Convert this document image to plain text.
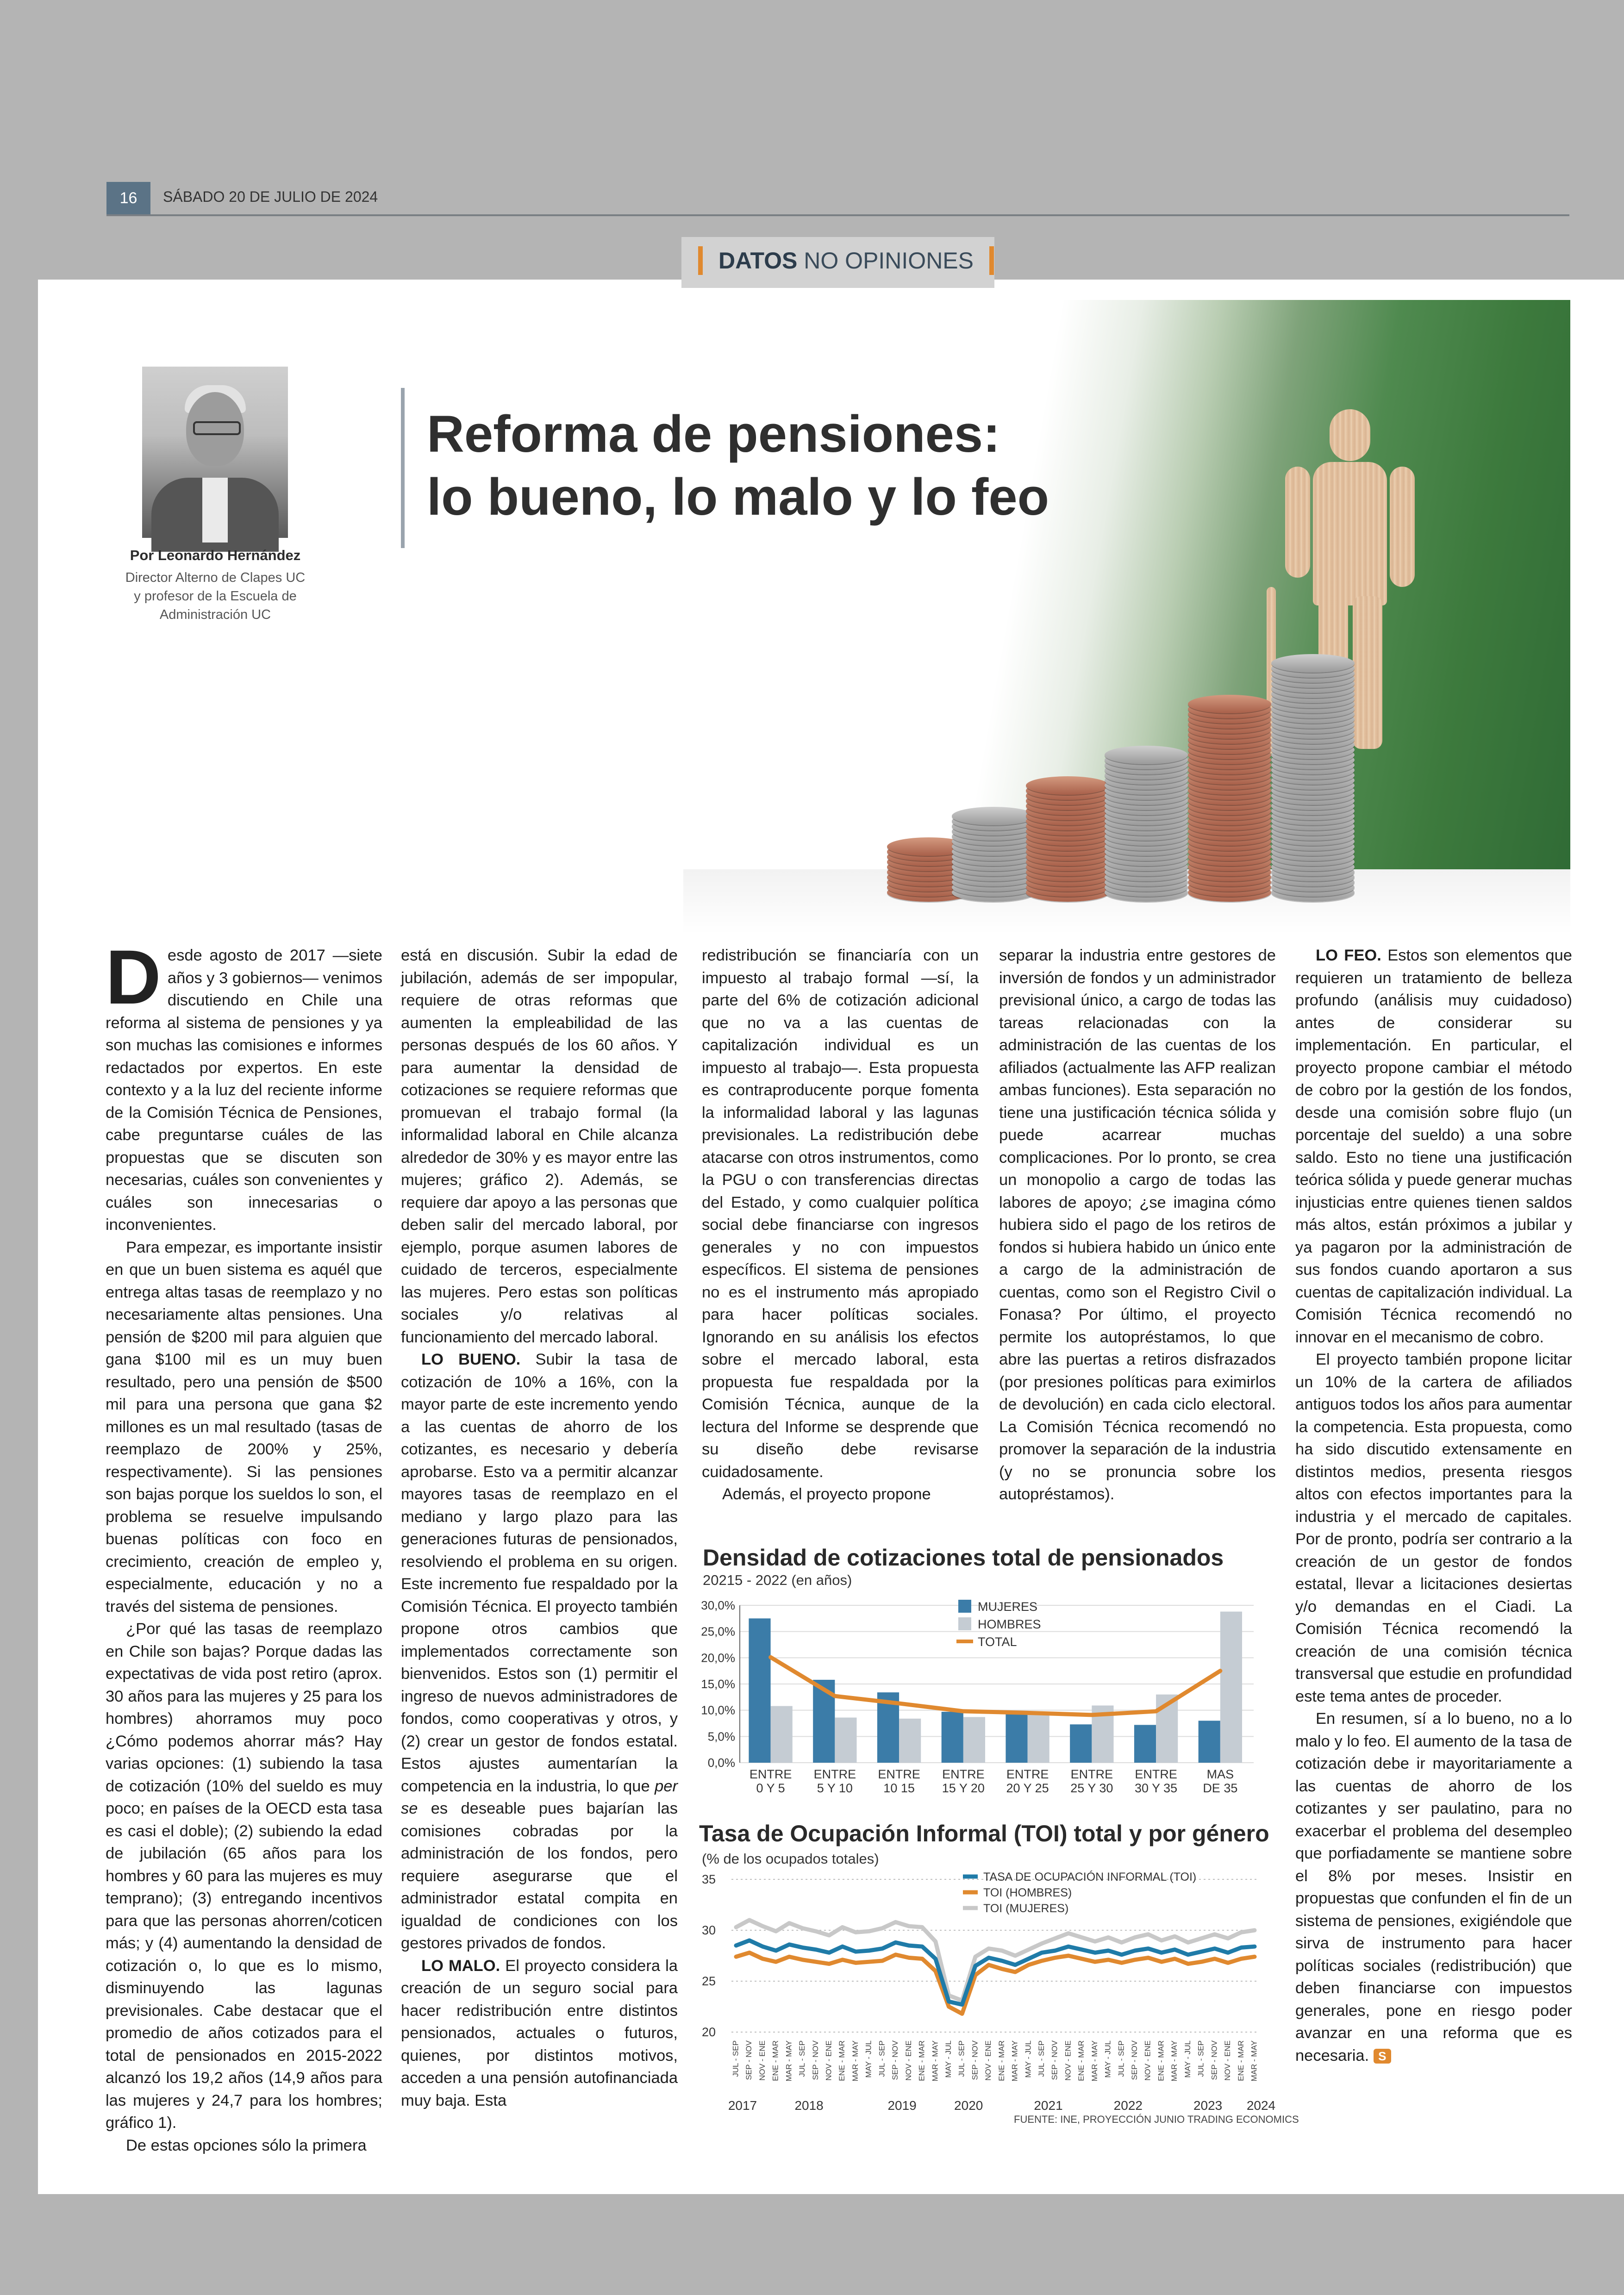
16	SÁBADO 20 DE JULIO DE 2024
DATOS NO OPINIONES
Por Leonardo Hernández
Director Alterno de Clapes UC
y profesor de la Escuela de
Administración UC
Reforma de pensiones:
lo bueno, lo malo y lo feo

Desde agosto de 2017 —siete años y 3 gobiernos— venimos discutiendo en Chile una reforma al sistema de pensiones y ya son muchas las comisiones e informes redactados por expertos. En este contexto y a la luz del reciente informe de la Comisión Técnica de Pensiones, cabe preguntarse cuáles de las propuestas que se discuten son necesarias, cuáles son convenientes y cuáles son innecesarias o inconvenientes.

Para empezar, es importante insistir en que un buen sistema es aquél que entrega altas tasas de reemplazo y no necesariamente altas pensiones. Una pensión de $200 mil para alguien que gana $100 mil es un muy buen resultado, pero una pensión de $500 mil para una persona que gana $2 millones es un mal resultado (tasas de reemplazo de 200% y 25%, respectivamente). Si las pensiones son bajas porque los sueldos lo son, el problema se resuelve impulsando buenas políticas con foco en crecimiento, creación de empleo y, especialmente, educación y no a través del sistema de pensiones.

¿Por qué las tasas de reemplazo en Chile son bajas? Porque dadas las expectativas de vida post retiro (aprox. 30 años para las mujeres y 25 para los hombres) ahorramos muy poco ¿Cómo podemos ahorrar más? Hay varias opciones: (1) subiendo la tasa de cotización (10% del sueldo es muy poco; en países de la OECD esta tasa es casi el doble); (2) subiendo la edad de jubilación (65 años para los hombres y 60 para las mujeres es muy temprano); (3) entregando incentivos para que las personas ahorren/coticen más; y (4) aumentando la densidad de cotización o, lo que es lo mismo, disminuyendo las lagunas previsionales. Cabe destacar que el promedio de años cotizados para el total de pensionados en 2015-2022 alcanzó los 19,2 años (14,9 años para las mujeres y 24,7 para los hombres; gráfico 1).

De estas opciones sólo la primera

está en discusión. Subir la edad de jubilación, además de ser impopular, requiere de otras reformas que aumenten la empleabilidad de las personas después de los 60 años. Y para aumentar la densidad de cotizaciones se requiere reformas que promuevan el trabajo formal (la informalidad laboral en Chile alcanza alrededor de 30% y es mayor entre las mujeres; gráfico 2). Además, se requiere dar apoyo a las personas que deben salir del mercado laboral, por ejemplo, porque asumen labores de cuidado de terceros, especialmente las mujeres. Pero estas son políticas sociales y/o relativas al funcionamiento del mercado laboral.

LO BUENO. Subir la tasa de cotización de 10% a 16%, con la mayor parte de este incremento yendo a las cuentas de ahorro de los cotizantes, es necesario y debería aprobarse. Esto va a permitir alcanzar mayores tasas de reemplazo en el mediano y largo plazo para las generaciones futuras de pensionados, resolviendo el problema en su origen. Este incremento fue respaldado por la Comisión Técnica. El proyecto también propone otros cambios que implementados correctamente son bienvenidos. Estos son (1) permitir el ingreso de nuevos administradores de fondos, como cooperativas y otros, y (2) crear un gestor de fondos estatal. Estos ajustes aumentarían la competencia en la industria, lo que per se es deseable pues bajarían las comisiones cobradas por la administración de los fondos, pero requiere asegurarse que el administrador estatal compita en igualdad de condiciones con los gestores privados de fondos.

LO MALO. El proyecto considera la creación de un seguro social para hacer redistribución entre distintos pensionados, actuales o futuros, quienes, por distintos motivos, acceden a una pensión autofinanciada muy baja. Esta

redistribución se financiaría con un impuesto al trabajo formal —sí, la parte del 6% de cotización adicional que no va a las cuentas de capitalización individual es un impuesto al trabajo—. Esta propuesta es contraproducente porque fomenta la informalidad laboral y las lagunas previsionales. La redistribución debe atacarse con otros instrumentos, como la PGU o con transferencias directas del Estado, y como cualquier política social debe financiarse con ingresos generales y no con impuestos específicos. El sistema de pensiones no es el instrumento más apropiado para hacer políticas sociales. Ignorando en su análisis los efectos sobre el mercado laboral, esta propuesta fue respaldada por la Comisión Técnica, aunque de la lectura del Informe se desprende que su diseño debe revisarse cuidadosamente.

Además, el proyecto propone

separar la industria entre gestores de inversión de fondos y un administrador previsional único, a cargo de todas las tareas relacionadas con la administración de las cuentas de los afiliados (actualmente las AFP realizan ambas funciones). Esta separación no tiene una justificación técnica sólida y puede acarrear muchas complicaciones. Por lo pronto, se crea un monopolio a cargo de todas las labores de apoyo; ¿se imagina cómo hubiera sido el pago de los retiros de fondos si hubiera habido un único ente a cargo de la administración de cuentas, como son el Registro Civil o Fonasa? Por último, el proyecto permite los autopréstamos, lo que abre las puertas a retiros disfrazados (por presiones políticas para eximirlos de devolución) en cada ciclo electoral. La Comisión Técnica recomendó no promover la separación de la industria (y no se pronuncia sobre los autopréstamos).

LO FEO. Estos son elementos que requieren un tratamiento de belleza profundo (análisis muy cuidadoso) antes de considerar su implementación. En particular, el proyecto propone cambiar el método de cobro por la gestión de los fondos, desde una comisión sobre flujo (un porcentaje del sueldo) a una sobre saldo. Esto no tiene una justificación teórica sólida y puede generar muchas injusticias entre quienes tienen saldos más altos, están próximos a jubilar y ya pagaron por la administración de sus fondos cuando aportaron a sus cuentas de capitalización individual. La Comisión Técnica recomendó no innovar en el mecanismo de cobro.

El proyecto también propone licitar un 10% de la cartera de afiliados antiguos todos los años para aumentar la competencia. Esta propuesta, como ha sido discutido extensamente en distintos medios, presenta riesgos altos con efectos importantes para la industria y el mercado de capitales. Por de pronto, podría ser contrario a la creación de un gestor de fondos estatal, llevar a licitaciones desiertas y/o demandas en el Ciadi. La Comisión Técnica recomendó la creación de una comisión técnica transversal que estudie en profundidad este tema antes de proceder.

En resumen, sí a lo bueno, no a lo malo y lo feo. El aumento de la tasa de cotización debe ir mayoritariamente a las cuentas de ahorro de los cotizantes y ser paulatino, para no exacerbar el problema del desempleo que porfiadamente se mantiene sobre el 8% por meses. Insistir en propuestas que confunden el fin de un sistema de pensiones, exigiéndole que sirva de instrumento para hacer políticas sociales (redistribución) que deben financiarse con impuestos generales, pone en riesgo poder avanzar en una reforma que es necesaria. S

Densidad de cotizaciones total de pensionados
20215 - 2022 (en años)
0,0%
5,0%
10,0%
15,0%
20,0%
25,0%
30,0%
ENTRE
0 Y 5
ENTRE
5 Y 10
ENTRE
10 15
ENTRE
15 Y 20
ENTRE
20 Y 25
ENTRE
25 Y 30
ENTRE
30 Y 35
MAS
DE 35
MUJERES
HOMBRES
TOTAL
Tasa de Ocupación Informal (TOI) total y por género
(% de los ocupados totales)
20
25
30
35
JUL - SEP SEP - NOV NOV - ENE ENE - MAR MAR - MAY JUL - SEP SEP - NOV NOV - ENE ENE - MAR MAR - MAY MAY - JUL JUL - SEP SEP - NOV NOV - ENE ENE - MAR MAR - MAY MAY - JUL JUL - SEP SEP - NOV NOV - ENE ENE - MAR MAR - MAY MAY - JUL JUL - SEP SEP - NOV NOV - ENE ENE - MAR MAR - MAY MAY - JUL JUL - SEP SEP - NOV NOV - ENE ENE - MAR MAR - MAY MAY - JUL JUL - SEP SEP - NOV NOV - ENE ENE - MAR MAR - MAY
2017	2018	2019	2020	2021	2022	2023 2024
TASA DE OCUPACIÓN INFORMAL (TOI)
TOI (HOMBRES)
TOI (MUJERES)
FUENTE: INE, PROYECCIÓN JUNIO TRADING ECONOMICS
